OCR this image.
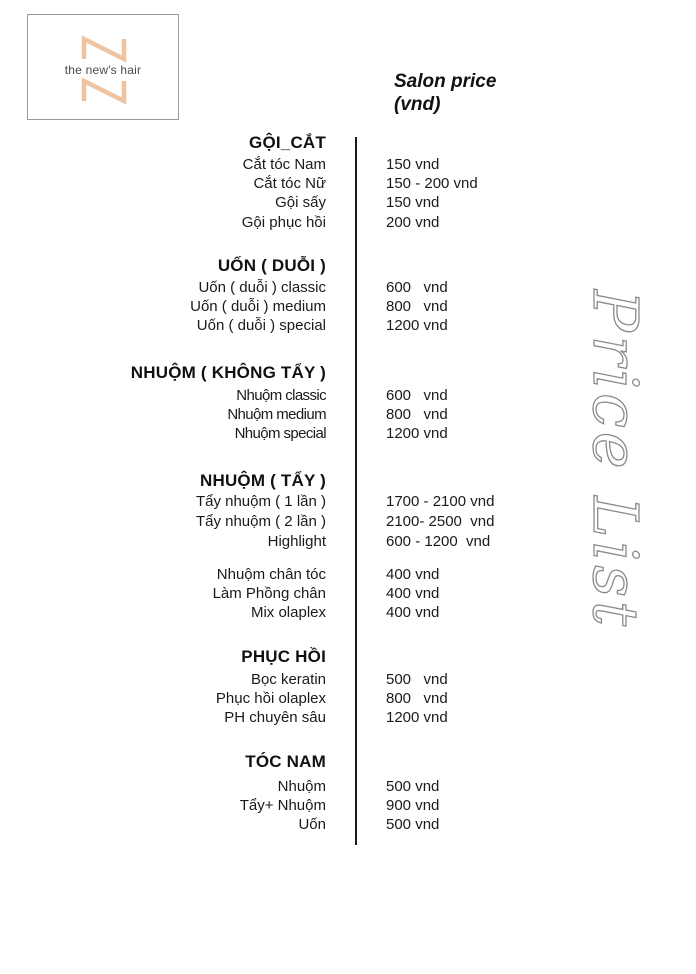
the new's hair
Salon price
(vnd)
GỘI_CẮT
Cắt tóc Nam	150 vnd
Cắt tóc Nữ	150 - 200 vnd
Gội sấy	150 vnd
Gội phục hồi	200 vnd
UỐN ( DUỖI )
Uốn ( duỗi ) classic	600   vnd
Uốn ( duỗi ) medium	800   vnd
Uốn ( duỗi ) special	1200 vnd
NHUỘM ( KHÔNG TẨY )
Nhuộm classic	600   vnd
Nhuộm medium	800   vnd
Nhuộm special	1200 vnd
NHUỘM ( TẨY )
Tẩy nhuộm ( 1 lần )	1700 - 2100 vnd
Tẩy nhuộm ( 2 lần )	2100- 2500  vnd
Highlight	600 - 1200  vnd
Nhuộm chân tóc	400 vnd
Làm Phồng chân	400 vnd
Mix olaplex	400 vnd
PHỤC HỒI
Bọc keratin	500   vnd
Phục hồi olaplex	800   vnd
PH chuyên sâu	1200 vnd
TÓC NAM
Nhuộm	500 vnd
Tẩy+ Nhuộm	900 vnd
Uốn	500 vnd
Price List
